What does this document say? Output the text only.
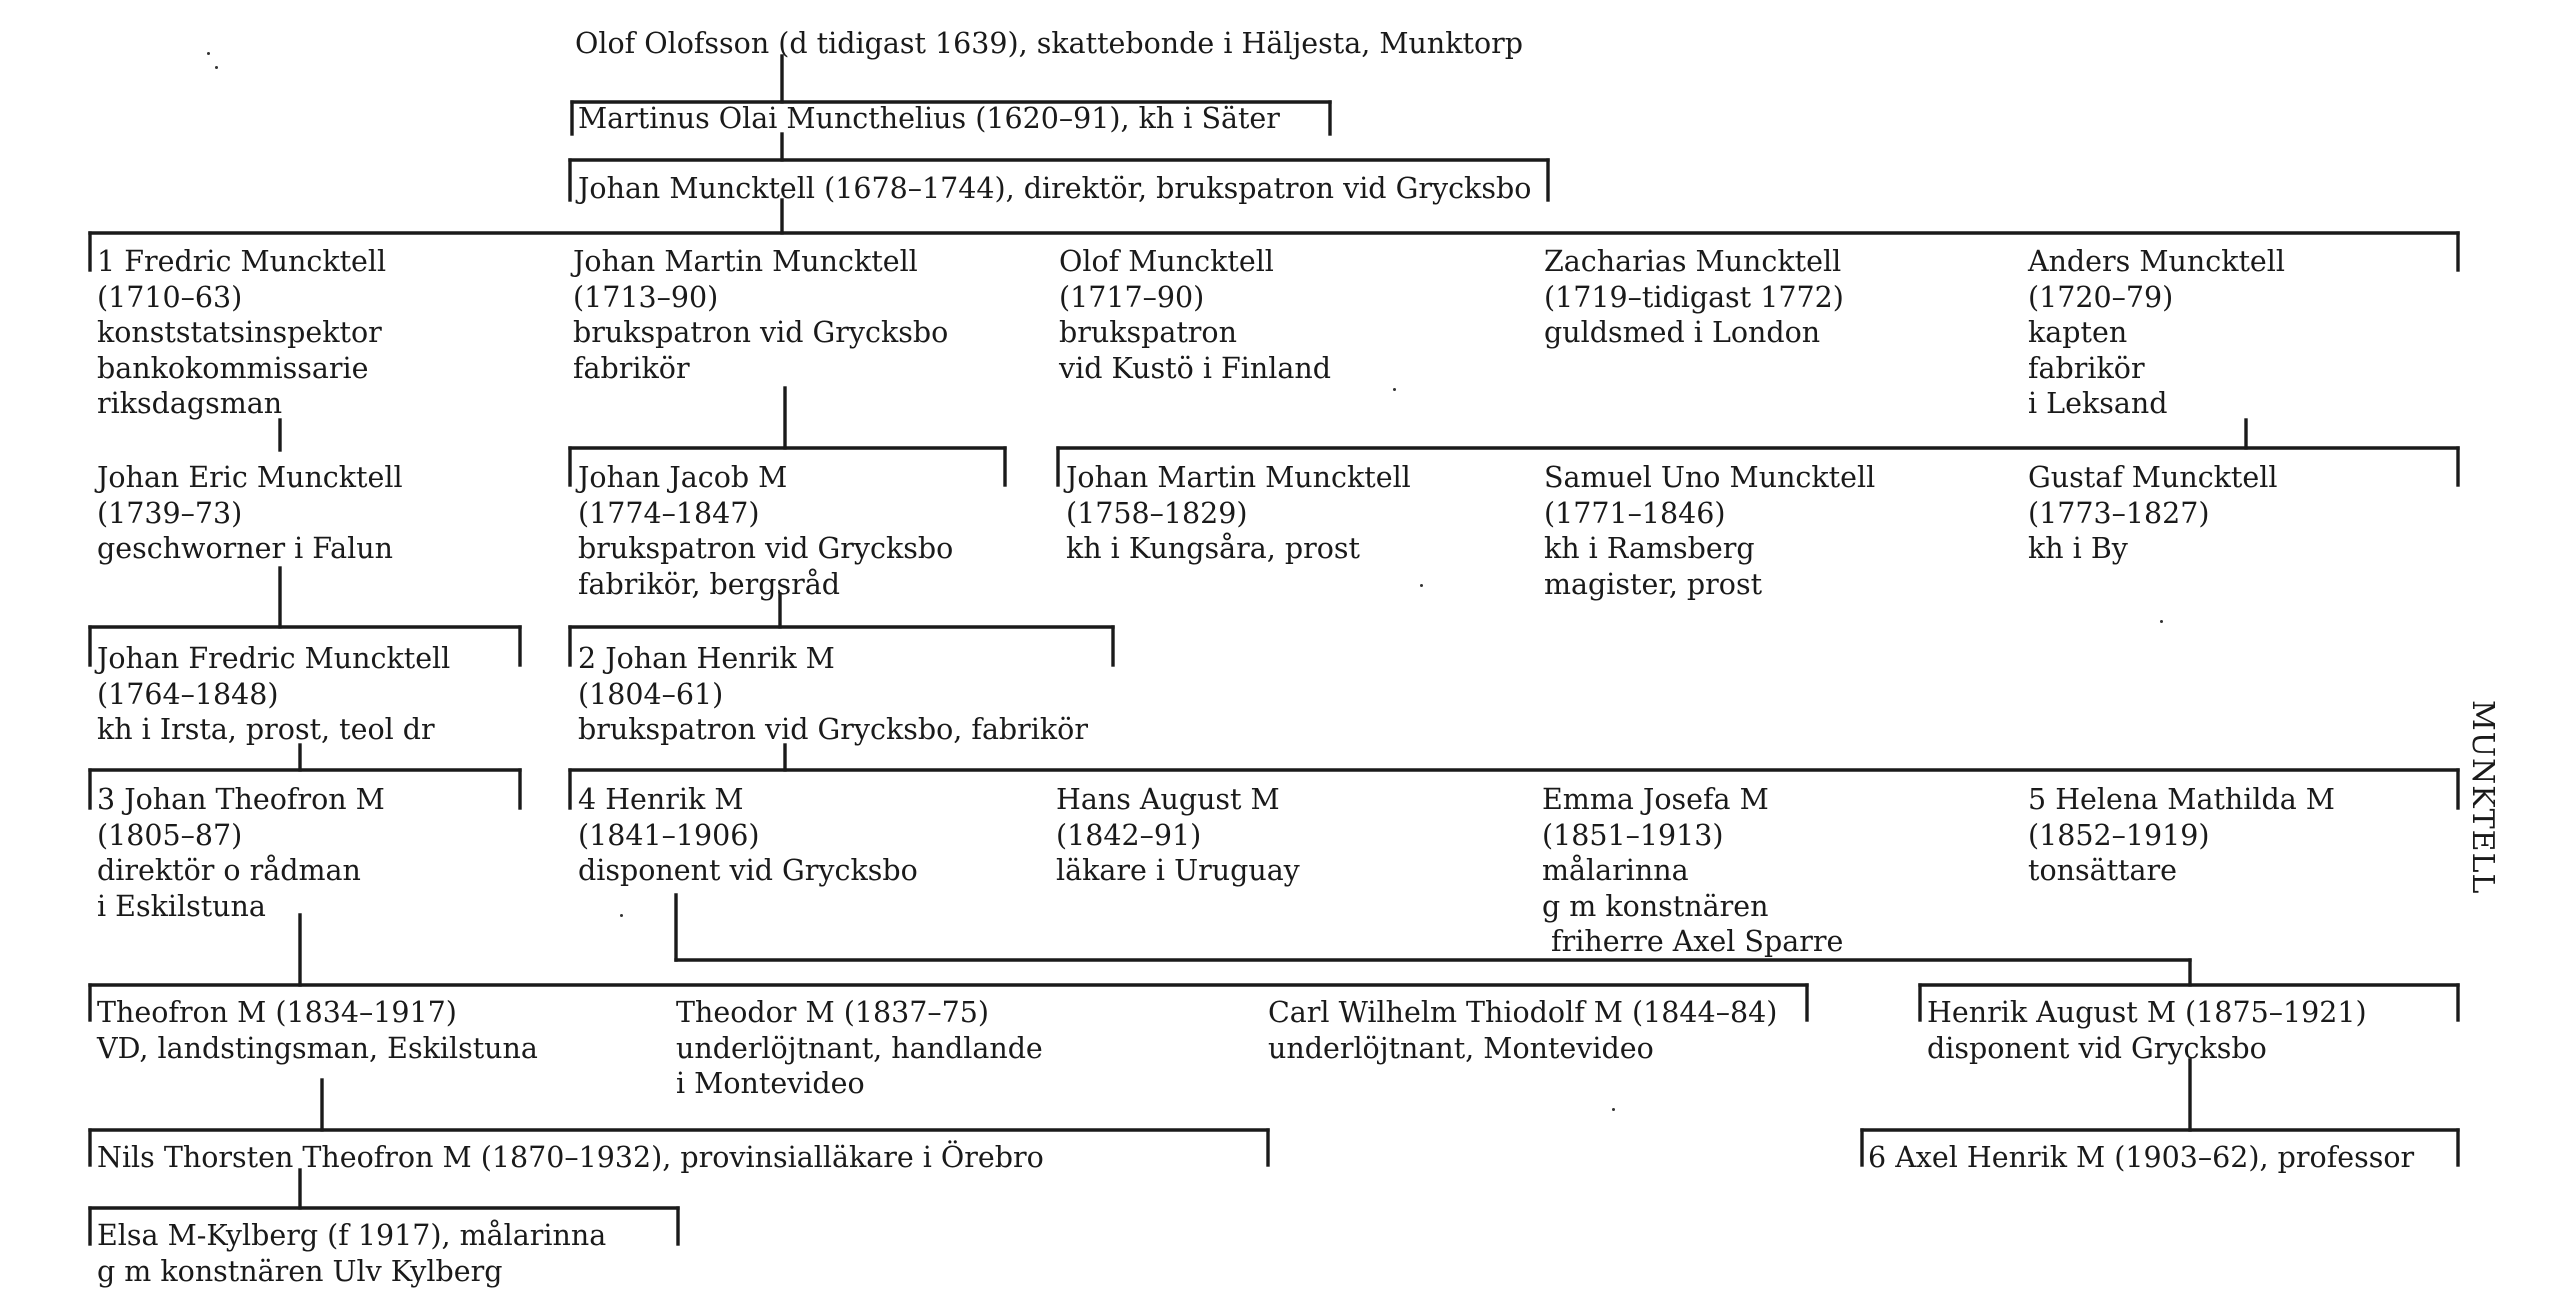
Olof Olofsson (d tidigast 1639), skattebonde i Häljesta, Munktorp
Martinus Olai Muncthelius (1620–91), kh i Säter
Johan Muncktell (1678–1744), direktör, brukspatron vid Grycksbo
1 Fredric Muncktell
(1710–63)
konststatsinspektor
bankokommissarie
riksdagsman
Johan Martin Muncktell
(1713–90)
brukspatron vid Grycksbo
fabrikör
Olof Muncktell
(1717–90)
brukspatron
vid Kustö i Finland
Zacharias Muncktell
(1719–tidigast 1772)
guldsmed i London
Anders Muncktell
(1720–79)
kapten
fabrikör
i Leksand
Johan Eric Muncktell
(1739–73)
geschworner i Falun
Johan Jacob M
(1774–1847)
brukspatron vid Grycksbo
fabrikör, bergsråd
Johan Martin Muncktell
(1758–1829)
kh i Kungsåra, prost
Samuel Uno Muncktell
(1771–1846)
kh i Ramsberg
magister, prost
Gustaf Muncktell
(1773–1827)
kh i By
Johan Fredric Muncktell
(1764–1848)
kh i Irsta, prost, teol dr
2 Johan Henrik M
(1804–61)
brukspatron vid Grycksbo, fabrikör
3 Johan Theofron M
(1805–87)
direktör o rådman
i Eskilstuna
4 Henrik M
(1841–1906)
disponent vid Grycksbo
Hans August M
(1842–91)
läkare i Uruguay
Emma Josefa M
(1851–1913)
målarinna
g m konstnären
friherre Axel Sparre
5 Helena Mathilda M
(1852–1919)
tonsättare
Theofron M (1834–1917)
VD, landstingsman, Eskilstuna
Theodor M (1837–75)
underlöjtnant, handlande
i Montevideo
Carl Wilhelm Thiodolf M (1844–84)
underlöjtnant, Montevideo
Henrik August M (1875–1921)
disponent vid Grycksbo
Nils Thorsten Theofron M (1870–1932), provinsialläkare i Örebro	6 Axel Henrik M (1903–62), professor
Elsa M-Kylberg (f 1917), målarinna
g m konstnären Ulv Kylberg
MUNKTELL
